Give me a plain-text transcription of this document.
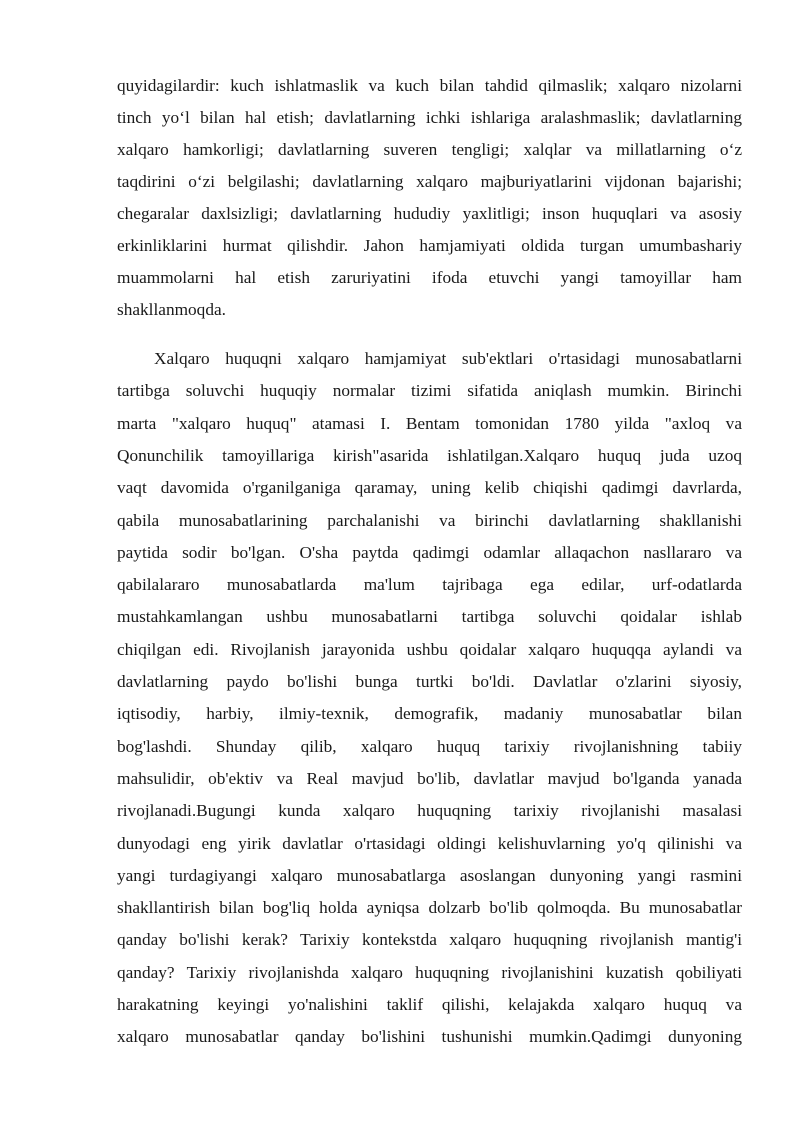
quyidagilardir: kuch ishlatmaslik va kuch bilan tahdid qilmaslik; xalqaro nizolarni
tinch yo‘l bilan hal etish; davlatlarning ichki ishlariga aralashmaslik; davlatlarning
xalqaro hamkorligi; davlatlarning suveren tengligi; xalqlar va millatlarning o‘z
taqdirini o‘zi belgilashi; davlatlarning xalqaro majburiyatlarini vijdonan bajarishi;
chegaralar daxlsizligi; davlatlarning hududiy yaxlitligi; inson huquqlari va asosiy
erkinliklarini hurmat qilishdir. Jahon hamjamiyati oldida turgan umumbashariy
muammolarni hal etish zaruriyatini ifoda etuvchi yangi tamoyillar ham
shakllanmoqda.
Xalqaro huquqni xalqaro hamjamiyat sub'ektlari o'rtasidagi munosabatlarni
tartibga soluvchi huquqiy normalar tizimi sifatida aniqlash mumkin. Birinchi
marta "xalqaro huquq" atamasi I. Bentam tomonidan 1780 yilda "axloq va
Qonunchilik tamoyillariga kirish"asarida ishlatilgan.Xalqaro huquq juda uzoq
vaqt davomida o'rganilganiga qaramay, uning kelib chiqishi qadimgi davrlarda,
qabila munosabatlarining parchalanishi va birinchi davlatlarning shakllanishi
paytida sodir bo'lgan. O'sha paytda qadimgi odamlar allaqachon nasllararo va
qabilalararo munosabatlarda ma'lum tajribaga ega edilar, urf-odatlarda
mustahkamlangan ushbu munosabatlarni tartibga soluvchi qoidalar ishlab
chiqilgan edi. Rivojlanish jarayonida ushbu qoidalar xalqaro huquqqa aylandi va
davlatlarning paydo bo'lishi bunga turtki bo'ldi. Davlatlar o'zlarini siyosiy,
iqtisodiy, harbiy, ilmiy-texnik, demografik, madaniy munosabatlar bilan
bog'lashdi. Shunday qilib, xalqaro huquq tarixiy rivojlanishning tabiiy
mahsulidir, ob'ektiv va Real mavjud bo'lib, davlatlar mavjud bo'lganda yanada
rivojlanadi.Bugungi kunda xalqaro huquqning tarixiy rivojlanishi masalasi
dunyodagi eng yirik davlatlar o'rtasidagi oldingi kelishuvlarning yo'q qilinishi va
yangi turdagiyangi xalqaro munosabatlarga asoslangan dunyoning yangi rasmini
shakllantirish bilan bog'liq holda ayniqsa dolzarb bo'lib qolmoqda. Bu munosabatlar
qanday bo'lishi kerak? Tarixiy kontekstda xalqaro huquqning rivojlanish mantig'i
qanday? Tarixiy rivojlanishda xalqaro huquqning rivojlanishini kuzatish qobiliyati
harakatning keyingi yo'nalishini taklif qilishi, kelajakda xalqaro huquq va
xalqaro munosabatlar qanday bo'lishini tushunishi mumkin.Qadimgi dunyoning
